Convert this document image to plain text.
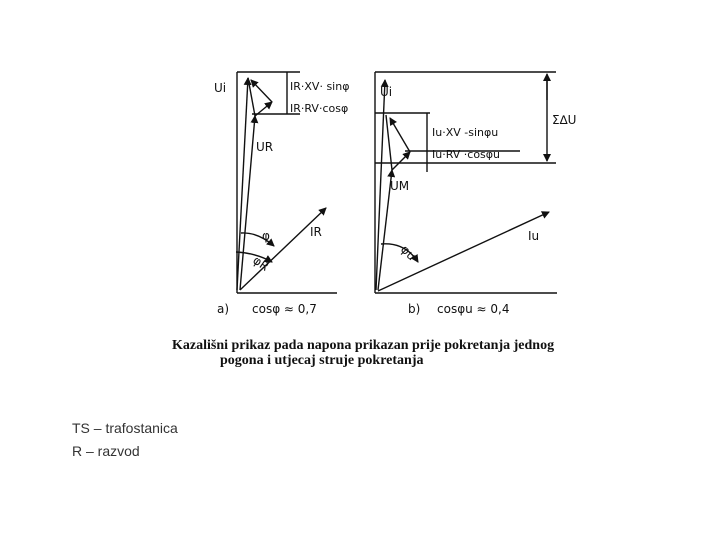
Ui
UR
IR
φ
φR
IR·XV· sinφ
IR·RV·cosφ
a) cosφ ≈ 0,7
Ui
UM
Iu
φu
Σ∆U
Iu·XV -sinφu
Iu·RV ·cosφu
b) cosφu ≈ 0,4
Kazališni prikaz pada napona prikazan prije pokretanja jednog
pogona i utjecaj struje pokretanja
TS – trafostanica
R – razvod
